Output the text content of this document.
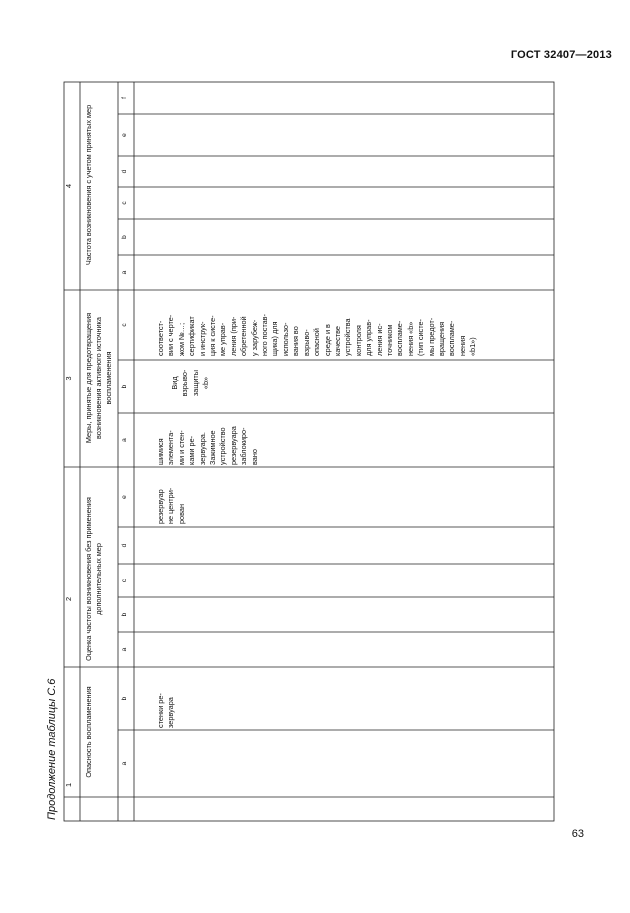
ГОСТ 32407—2013
Продолжение таблицы С.6 1
2
3
4
Опасность воспламенения
Оценка частоты возникновения без применения дополнительных мер
Меры, принятые для предотвращения возникновения активного источника воспламенения
Частота возникновения с учетом принятых мер
a
b
a
b
c
d
e
a
b
c
a
b
c
d
e
f
стенки ре-
зервуара
резервуар
не центри-
рован
шимися
элемента-
ми и стен-
ками ре-
зервуара.
Зажимное
устройство
резервуара
заблокиро-
вано
Вид
взрыво-
защиты
«b»
соответст-
вии с черте-
жом №…;
сертификат
и инструк-
ция к систе-
ме управ-
ления (при-
обретенной
у зарубеж-
ного постав-
щика) для
использо-
вания во
взрыво-
опасной
среде и в
качестве
устройства
контроля
для управ-
ления ис-
точником
воспламе-
нения «b»
(тип систе-
мы предот-
вращения
воспламе-
нения
«b1»)
63
